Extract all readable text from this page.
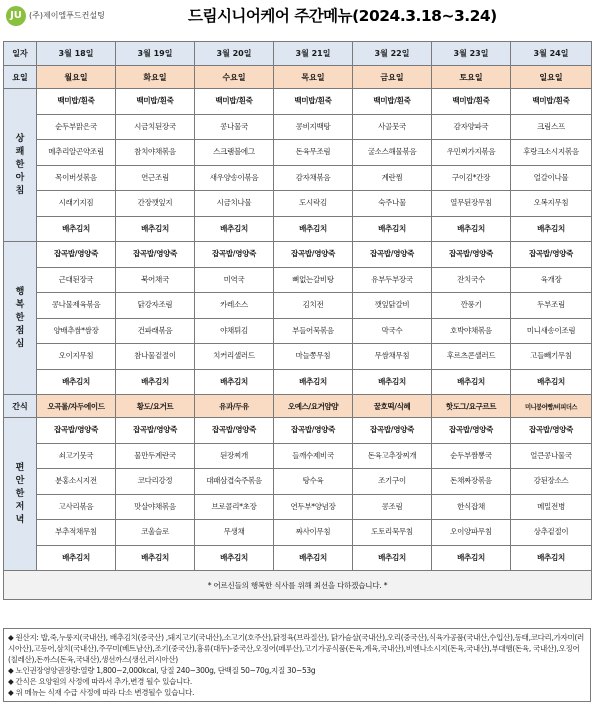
JU (주)제이엘푸드컨설팅	드림시니어케어 주간메뉴(2024.3.18~3.24)
일자	3월 18일	3월 19일	3월 20일	3월 21일	3월 22일	3월 23일	3월 24일
요일	월요일	화요일	수요일	목요일	금요일	토요일	일요일

상
쾌
한
아
침	백미밥/흰죽	백미밥/흰죽	백미밥/흰죽	백미밥/흰죽	백미밥/흰죽	백미밥/흰죽	백미밥/흰죽
	순두부맑은국	시금치된장국	콩나물국	콩비지백탕	사골뭇국	감자양파국	크림스프
	메추리알곤약조림	참치야채볶음	스크램블에그	돈육무조림	굴소스해물볶음	우민찌가지볶음	후랑크소시지볶음
	목이버섯볶음	연근조림	새우양송이볶음	감자채볶음	계란찜	구이김*간장	얼갈이나물
	시래기지짐	간장깻잎지	시금치나물	도시락김	숙주나물	열무된장무침	오복지무침
	배추김치	배추김치	배추김치	배추김치	배추김치	배추김치	배추김치

행
복
한
점
심	잡곡밥/영양죽	잡곡밥/영양죽	잡곡밥/영양죽	잡곡밥/영양죽	잡곡밥/영양죽	잡곡밥/영양죽	잡곡밥/영양죽
	근대된장국	북어채국	미역국	뼈없는갈비탕	유부두부장국	잔치국수	육개장
	콩나물제육볶음	닭강자조림	카레소스	김치전	깻잎닭갈비	깐풍기	두부조림
	양배추쌈*쌈장	건파래볶음	야채튀김	부들어묵볶음	막국수	호박야채볶음	미니새송이조림
	오이지무침	참나물겉절이	치커리샐러드	마늘쫑무침	무쌈채무침	후르츠콘샐러드	고들빼기무침
	배추김치	배추김치	배추김치	배추김치	배추김치	배추김치	배추김치
간식	오곡롤/자두에이드	황도/요거트	유과/두유	오예스/요거얌얌	꿀호떡/식혜	핫도그/요구르트	미니붕어빵/비피더스

편
안
한
저
녁	잡곡밥/영양죽	잡곡밥/영양죽	잡곡밥/영양죽	잡곡밥/영양죽	잡곡밥/영양죽	잡곡밥/영양죽	잡곡밥/영양죽
	쇠고기뭇국	물만두계란국	된장찌개	들깨수제비국	돈육고추장찌개	순두부짬뽕국	얼큰콩나물국
	분홍소시지전	코다리강정	대패삼겹숙주볶음	탕수육	조기구이	돈채짜장볶음	강된장소스
	고사리볶음	맛살야채볶음	브로콜리*초장	연두부*양념장	콩조림	한식잡채	메밀전병
	부추적채무침	코울슬로	무생채	짜사이무침	도토리묵무침	오이양파무침	상추겉절이
	배추김치	배추김치	배추김치	배추김치	배추김치	배추김치	배추김치
* 어르신들의 행복한 식사를 위해 최선을 다하겠습니다. *							

◆ 원산지: 밥,죽,누룽지(국내산), 배추김치(중국산) ,돼지고기(국내산),소고기(호주산),닭정육(브라질산), 닭가슴살(국내산),오리(중국산),식육가공품(국내산,수입산),동태,코다리,가자미(러시아산),고등어,삼치(국내산),주꾸미(베트남산),조기(중국산),흉류(대두)-중국산,오징어(페루산),고기가공식품(돈육,계육,국내산),비엔나소시지(돈육,국내산),부대햄(돈육, 국내산),오징어(칠레산),돈까스(돈육,국내산),생선까스(생선,러시아산)

◆ 노인권장영양권장량:열량 1,800~2,000kcal, 당질 240~300g, 단백질 50~70g,지질 30~53g

◆ 간식은 요양원의 사정에 따라서 추가,변경 될수 있습니다.

◆ 위 메뉴는 식재 수급 사정에 따라 다소 변경될수 있습니다.
